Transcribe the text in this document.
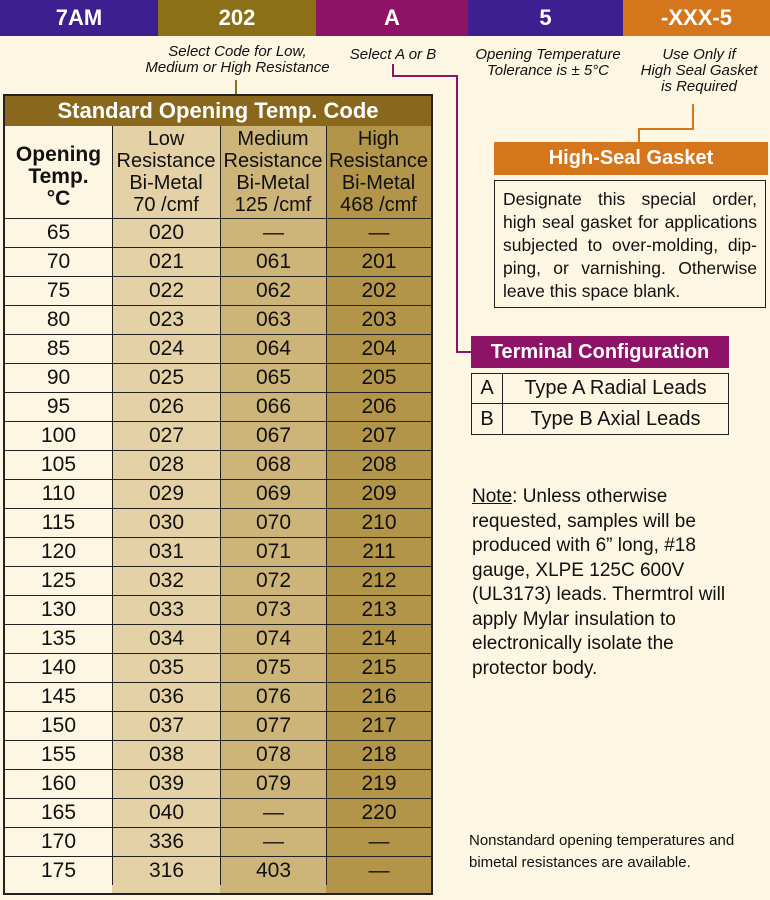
7AM	202	A	5	-XXX-5
Select Code for Low,
Medium or High Resistance
Select A or B	Opening Temperature
Tolerance is ± 5°C
Use Only if
High Seal Gasket
is Required
Standard Opening Temp. Code
Opening
Temp.
°C
Low
Resistance
Bi-Metal
70 /cmf
Medium
Resistance
Bi-Metal
125 /cmf
High
Resistance
Bi-Metal
468 /cmf
65	020	—	—
70	021	061	201
75	022	062	202
80	023	063	203
85	024	064	204
90	025	065	205
95	026	066	206
100	027	067	207
105	028	068	208
110	029	069	209
115	030	070	210
120	031	071	211
125	032	072	212
130	033	073	213
135	034	074	214
140	035	075	215
145	036	076	216
150	037	077	217
155	038	078	218
160	039	079	219
165	040	—	220
170	336	—	—
175	316	403	—
High-Seal Gasket
Designate this special order, high seal gasket for applications subjected to over-molding, dip-ping, or varnishing. Otherwise leave this space blank.
Terminal Configuration
A	Type A Radial Leads
B	Type B Axial Leads
Note: Unless otherwise requested, samples will be produced with 6” long, #18 gauge, XLPE 125C 600V (UL3173) leads. Thermtrol will apply Mylar insulation to electronically isolate the protector body.
Nonstandard opening temperatures and bimetal resistances are available.
